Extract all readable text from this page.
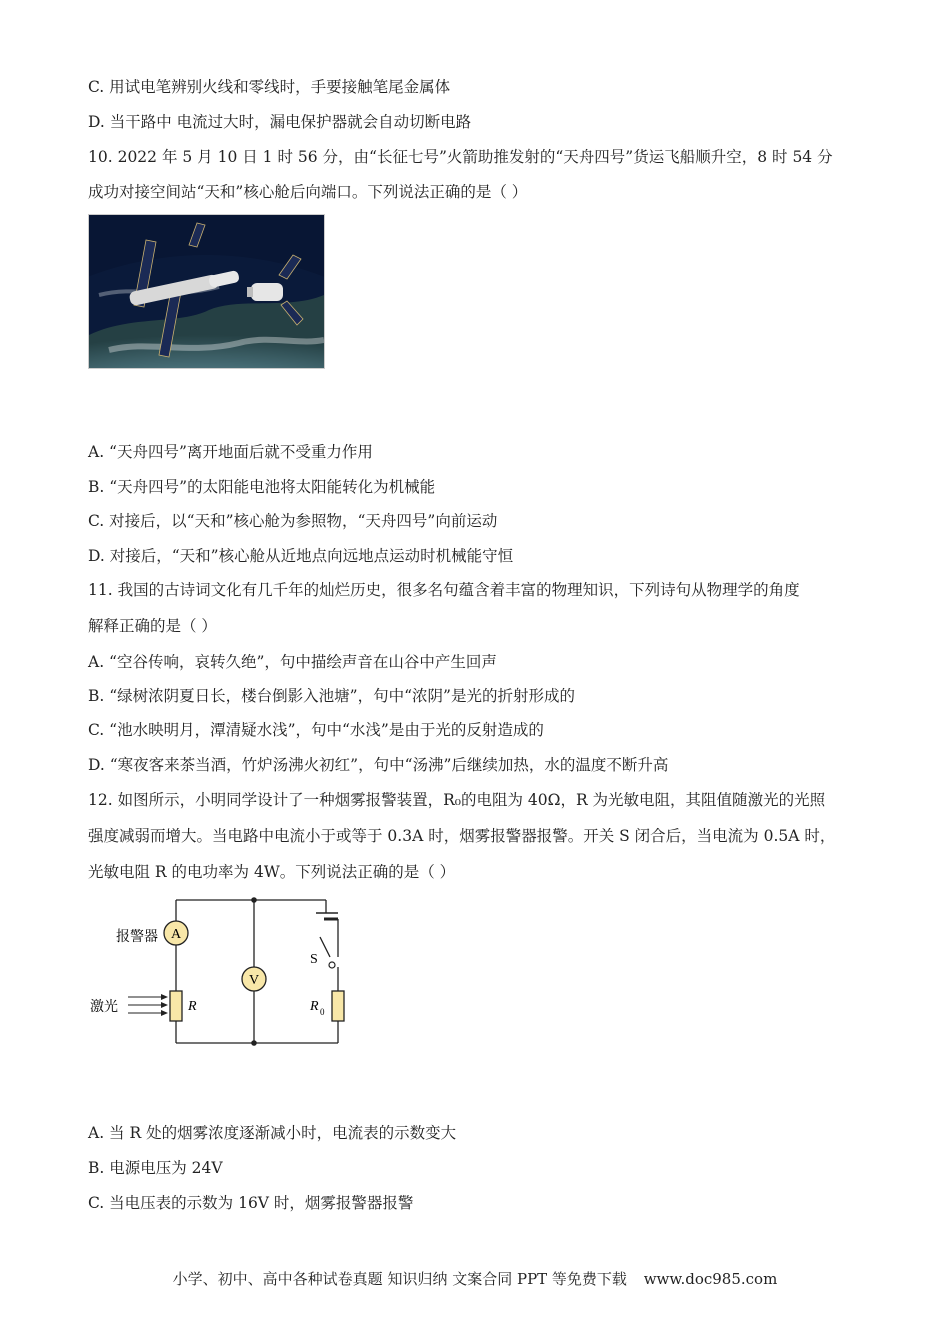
C. 用试电笔辨别火线和零线时，手要接触笔尾金属体
D. 当干路中 电流过大时，漏电保护器就会自动切断电路
10. 2022 年 5 月 10 日 1 时 56 分，由“长征七号”火箭助推发射的“天舟四号”货运飞船顺升空，8 时 54 分
成功对接空间站“天和”核心舱后向端口。下列说法正确的是（ ）
A. “天舟四号”离开地面后就不受重力作用
B. “天舟四号”的太阳能电池将太阳能转化为机械能
C. 对接后，以“天和”核心舱为参照物，“天舟四号”向前运动
D. 对接后，“天和”核心舱从近地点向远地点运动时机械能守恒
11. 我国的古诗词文化有几千年的灿烂历史，很多名句蕴含着丰富的物理知识，下列诗句从物理学的角度
解释正确的是（ ）
A. “空谷传响，哀转久绝”，句中描绘声音在山谷中产生回声
B. “绿树浓阴夏日长，楼台倒影入池塘”，句中“浓阴”是光的折射形成的
C. “池水映明月，潭清疑水浅”，句中“水浅”是由于光的反射造成的
D. “寒夜客来茶当酒，竹炉汤沸火初红”，句中“汤沸”后继续加热，水的温度不断升高
12. 如图所示，小明同学设计了一种烟雾报警装置，R₀的电阻为 40Ω，R 为光敏电阻，其阻值随激光的光照
强度减弱而增大。当电路中电流小于或等于 0.3A 时，烟雾报警器报警。开关 S 闭合后，当电流为 0.5A 时，
光敏电阻 R 的电功率为 4W。下列说法正确的是（ ）
A
V
R	R 0
S
报警器
激光
A. 当 R 处的烟雾浓度逐渐减小时，电流表的示数变大
B. 电源电压为 24V
C. 当电压表的示数为 16V 时，烟雾报警器报警
小学、初中、高中各种试卷真题 知识归纳 文案合同 PPT 等免费下载 www.doc985.com
